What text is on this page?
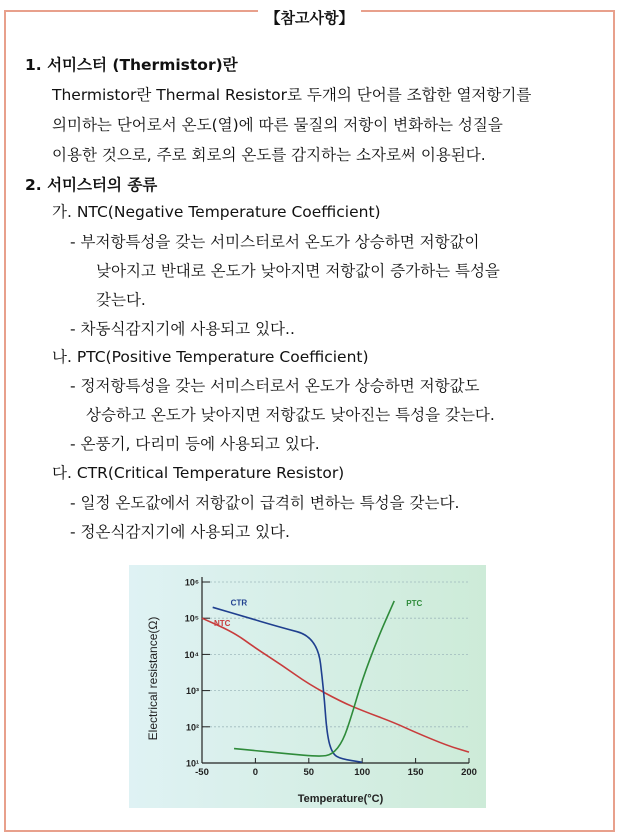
【참고사항】
1. 서미스터 (Thermistor)란
Thermistor란 Thermal Resistor로 두개의 단어를 조합한 열저항기를
의미하는 단어로서 온도(열)에 따른 물질의 저항이 변화하는 성질을
이용한 것으로, 주로 회로의 온도를 감지하는 소자로써 이용된다.
2. 서미스터의 종류
가. NTC(Negative Temperature Coefficient)
- 부저항특성을 갖는 서미스터로서 온도가 상승하면 저항값이
낮아지고 반대로 온도가 낮아지면 저항값이 증가하는 특성을
갖는다.
- 차동식감지기에 사용되고 있다..
나. PTC(Positive Temperature Coefficient)
- 정저항특성을 갖는 서미스터로서 온도가 상승하면 저항값도
상승하고 온도가 낮아지면 저항값도 낮아진는 특성을 갖는다.
- 온풍기, 다리미 등에 사용되고 있다.
다. CTR(Critical Temperature Resistor)
- 일정 온도값에서 저항값이 급격히 변하는 특성을 갖는다.
- 정온식감지기에 사용되고 있다.
10¹
10²
10³
10⁴
10⁵
10⁶
-50	0	50	100	150	200
Temperature(°C)
Electrical resistance(Ω)	NTC
CTR	PTC
